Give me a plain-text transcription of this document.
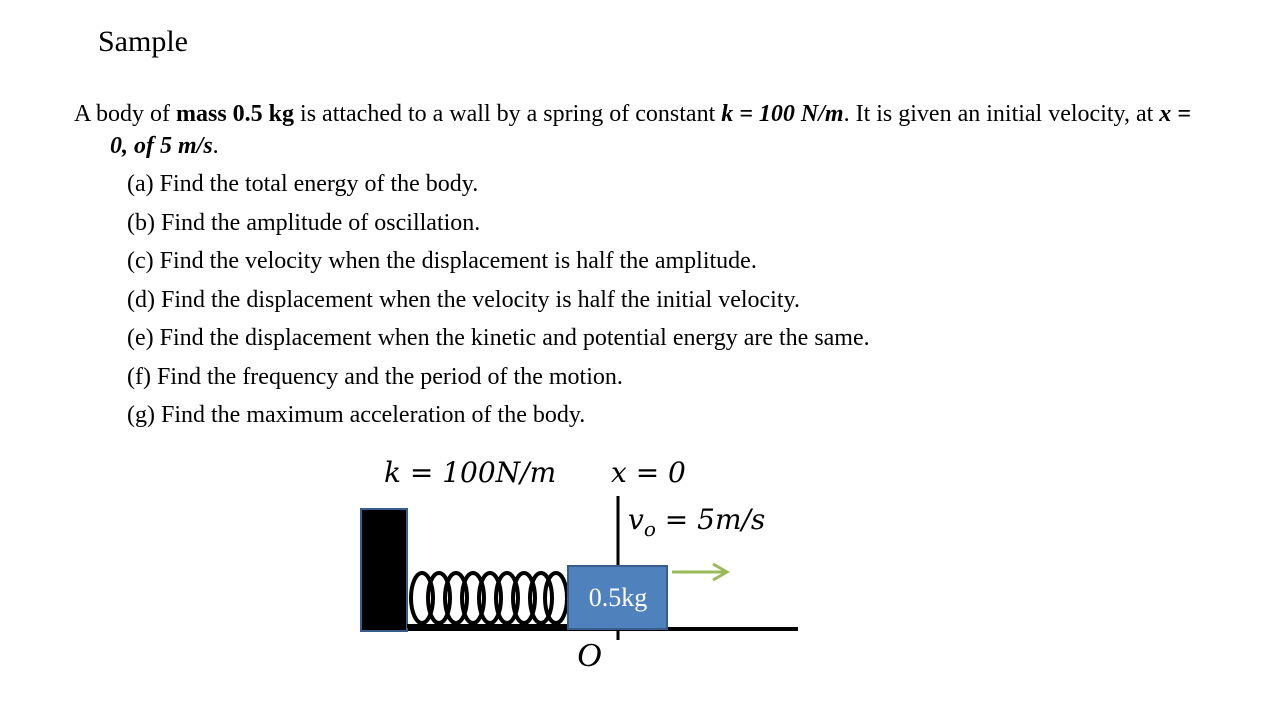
Sample

A body of mass 0.5 kg is attached to a wall by a spring of constant k = 100 N/m. It is given an initial velocity, at x = 0, of 5 m/s.

(a) Find the total energy of the body.
(b) Find the amplitude of oscillation.
(c) Find the velocity when the displacement is half the amplitude.
(d) Find the displacement when the velocity is half the initial velocity.
(e) Find the displacement when the kinetic and potential energy are the same.
(f) Find the frequency and the period of the motion.
(g) Find the maximum acceleration of the body.
k = 100N/m x = 0
$v_o = 5m/s$
0.5kg
O
